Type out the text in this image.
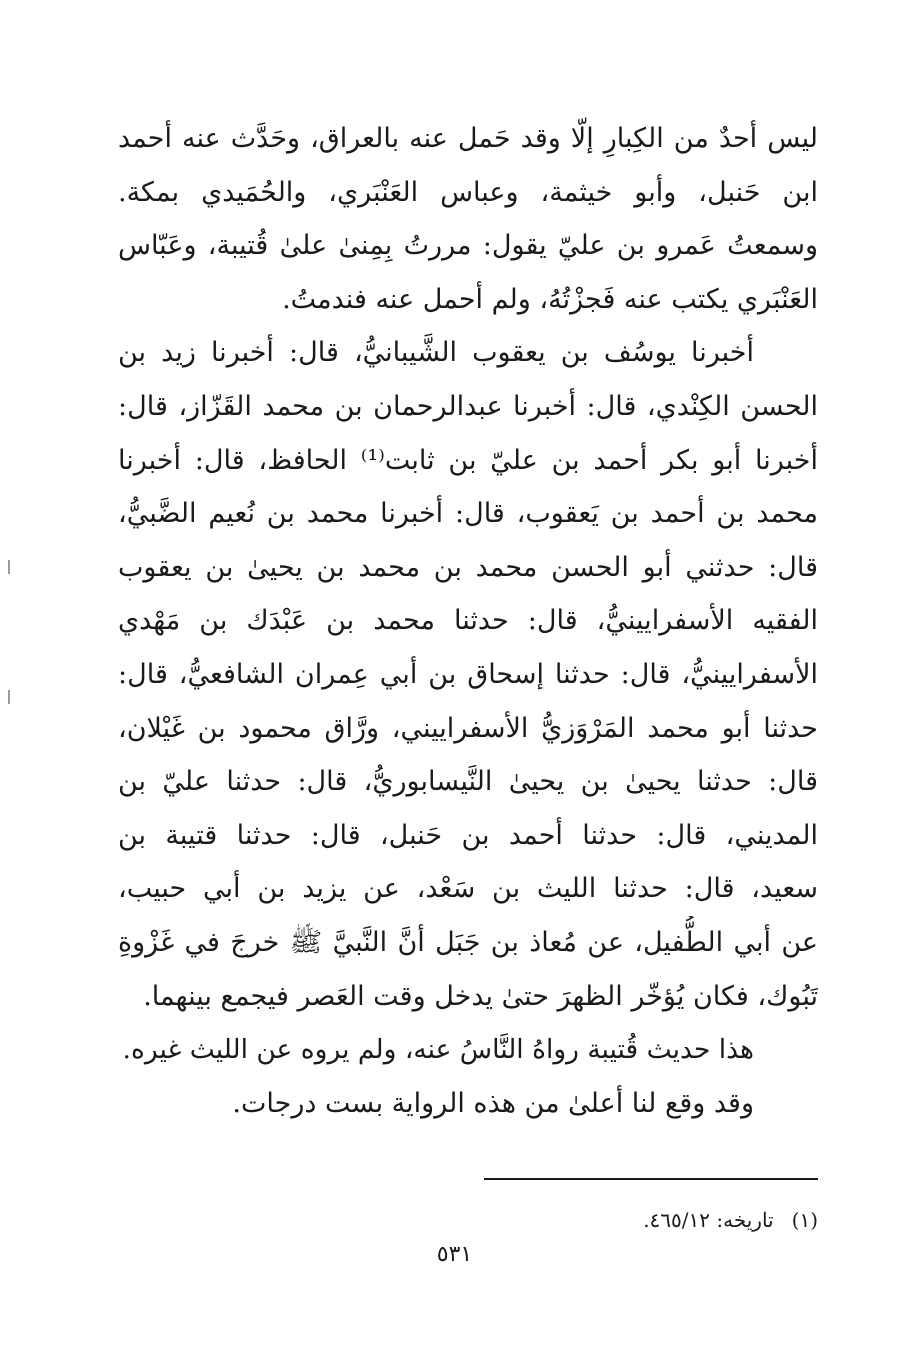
ليس أحدٌ من الكِبارِ إلّا وقد حَمل عنه بالعراق، وحَدَّث عنه أحمد
ابن حَنبل، وأبو خيثمة، وعباس العَنْبَري، والحُمَيدي بمكة.
وسمعتُ عَمرو بن عليّ يقول: مررتُ بِمِنىٰ علىٰ قُتيبة، وعَبّاس
العَنْبَري يكتب عنه فَجزْتُهُ، ولم أحمل عنه فندمتُ.
أخبرنا يوسُف بن يعقوب الشَّيبانيُّ، قال: أخبرنا زيد بن
الحسن الكِنْدي، قال: أخبرنا عبدالرحمان بن محمد القَزّاز، قال:
أخبرنا أبو بكر أحمد بن عليّ بن ثابت⁽¹⁾ الحافظ، قال: أخبرنا
محمد بن أحمد بن يَعقوب، قال: أخبرنا محمد بن نُعيم الضَّبيُّ،
قال: حدثني أبو الحسن محمد بن محمد بن يحيىٰ بن يعقوب
الفقيه الأسفرايينيُّ، قال: حدثنا محمد بن عَبْدَك بن مَهْدي
الأسفرايينيُّ، قال: حدثنا إسحاق بن أبي عِمران الشافعيُّ، قال:
حدثنا أبو محمد المَرْوَزيُّ الأسفراييني، ورَّاق محمود بن غَيْلان،
قال: حدثنا يحيىٰ بن يحيىٰ النَّيسابوريُّ، قال: حدثنا عليّ بن
المديني، قال: حدثنا أحمد بن حَنبل، قال: حدثنا قتيبة بن
سعيد، قال: حدثنا الليث بن سَعْد، عن يزيد بن أبي حبيب،
عن أبي الطُّفيل، عن مُعاذ بن جَبَل أنَّ النَّبيَّ ﷺ خرجَ في غَزْوةِ
تَبُوك، فكان يُؤخّر الظهرَ حتىٰ يدخل وقت العَصر فيجمع بينهما.
هذا حديث قُتيبة رواهُ النَّاسُ عنه، ولم يروه عن الليث غيره.
وقد وقع لنا أعلىٰ من هذه الرواية بست درجات.
(١)تاريخه: ٤٦٥/١٢.
٥٣١
